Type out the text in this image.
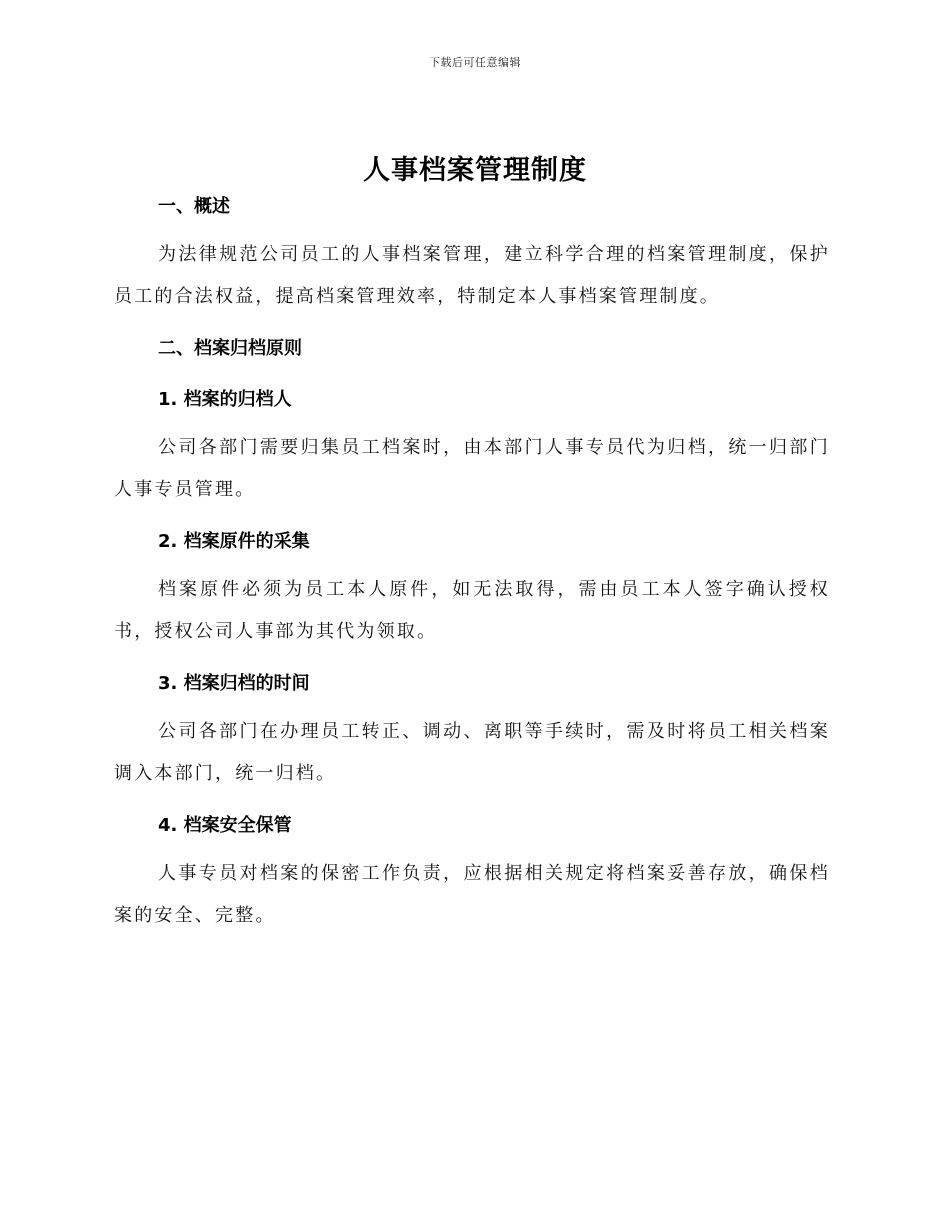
下载后可任意编辑
人事档案管理制度
一、概述

为法律规范公司员工的人事档案管理，建立科学合理的档案管理制度，保护员工的合法权益，提高档案管理效率，特制定本人事档案管理制度。

二、档案归档原则
1. 档案的归档人

公司各部门需要归集员工档案时，由本部门人事专员代为归档，统一归部门人事专员管理。

2. 档案原件的采集

档案原件必须为员工本人原件，如无法取得，需由员工本人签字确认授权书，授权公司人事部为其代为领取。

3. 档案归档的时间

公司各部门在办理员工转正、调动、离职等手续时，需及时将员工相关档案调入本部门，统一归档。

4. 档案安全保管

人事专员对档案的保密工作负责，应根据相关规定将档案妥善存放，确保档案的安全、完整。
